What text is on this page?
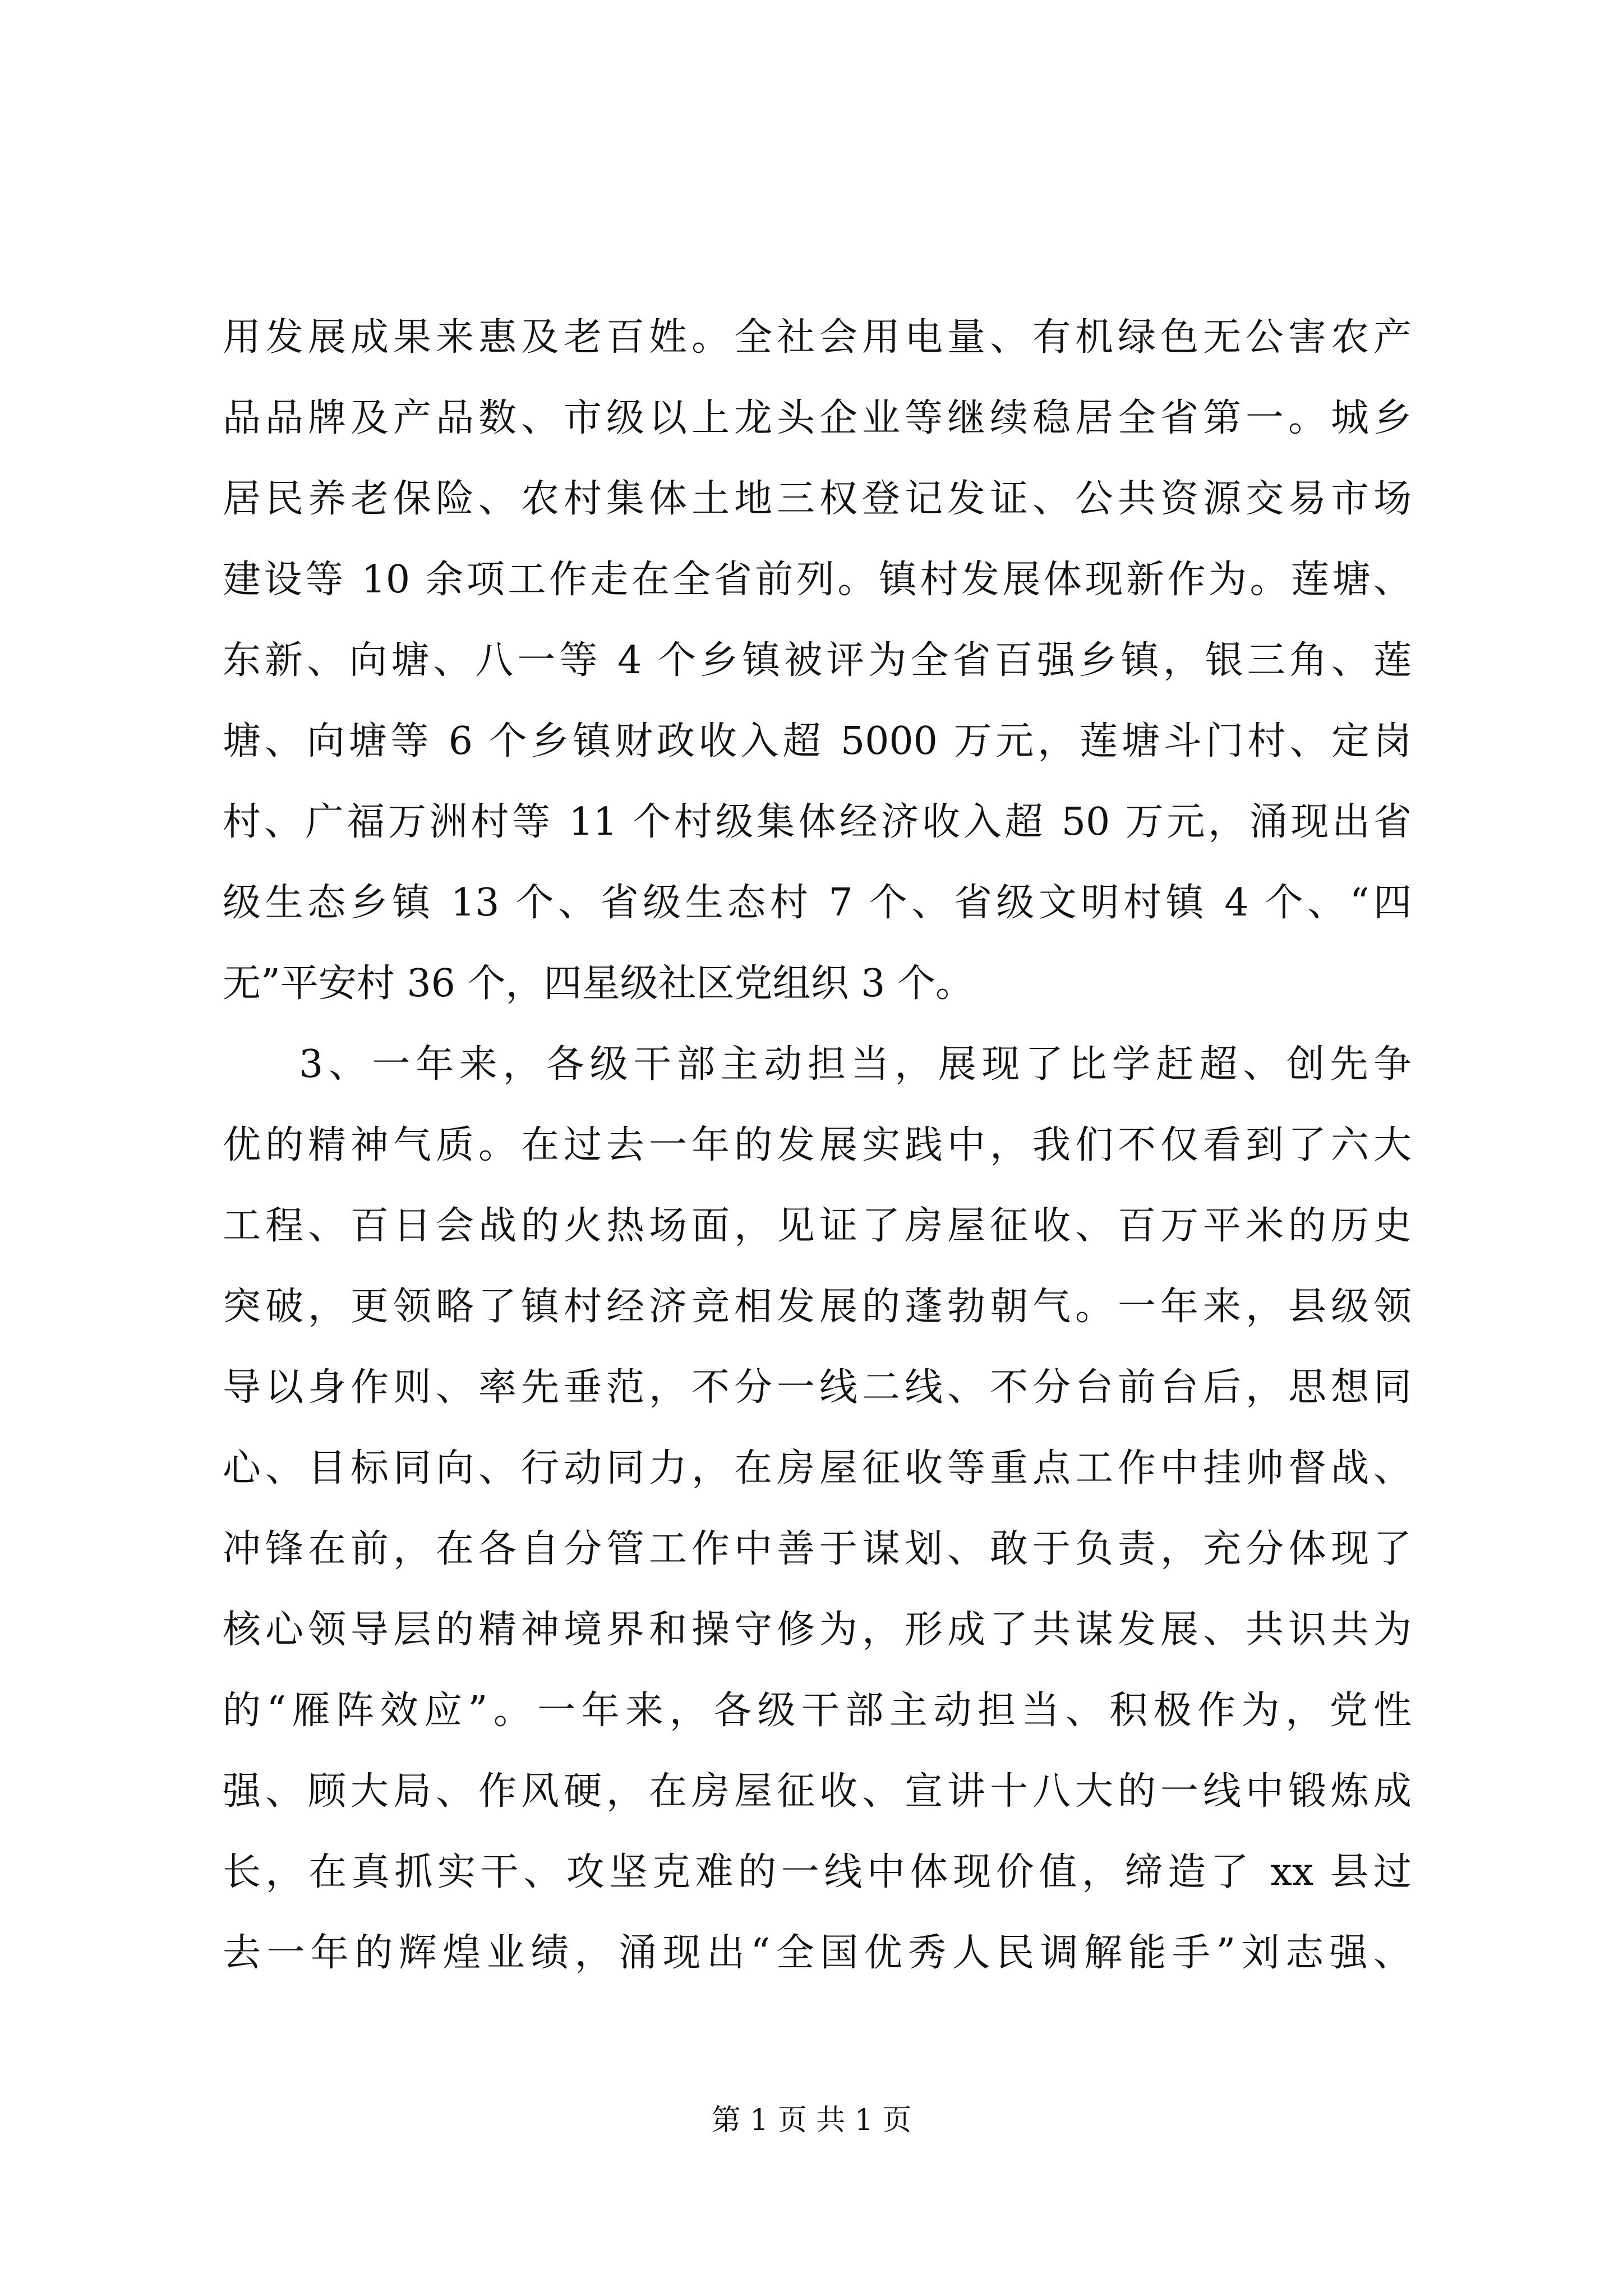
用发展成果来惠及老百姓。全社会用电量、有机绿色无公害农产
品品牌及产品数、市级以上龙头企业等继续稳居全省第一。城乡
居民养老保险、农村集体土地三权登记发证、公共资源交易市场
建设等 10 余项工作走在全省前列。镇村发展体现新作为。莲塘、
东新、向塘、八一等 4 个乡镇被评为全省百强乡镇，银三角、莲
塘、向塘等 6 个乡镇财政收入超 5000 万元，莲塘斗门村、定岗
村、广福万洲村等 11 个村级集体经济收入超 50 万元，涌现出省
级生态乡镇 13 个、省级生态村 7 个、省级文明村镇 4 个、“四
无”平安村 36 个，四星级社区党组织 3 个。
3、一年来，各级干部主动担当，展现了比学赶超、创先争
优的精神气质。在过去一年的发展实践中，我们不仅看到了六大
工程、百日会战的火热场面，见证了房屋征收、百万平米的历史
突破，更领略了镇村经济竞相发展的蓬勃朝气。一年来，县级领
导以身作则、率先垂范，不分一线二线、不分台前台后，思想同
心、目标同向、行动同力，在房屋征收等重点工作中挂帅督战、
冲锋在前，在各自分管工作中善于谋划、敢于负责，充分体现了
核心领导层的精神境界和操守修为，形成了共谋发展、共识共为
的“雁阵效应”。一年来，各级干部主动担当、积极作为，党性
强、顾大局、作风硬，在房屋征收、宣讲十八大的一线中锻炼成
长，在真抓实干、攻坚克难的一线中体现价值，缔造了 xx 县过
去一年的辉煌业绩，涌现出“全国优秀人民调解能手”刘志强、
第 1 页 共 1 页
